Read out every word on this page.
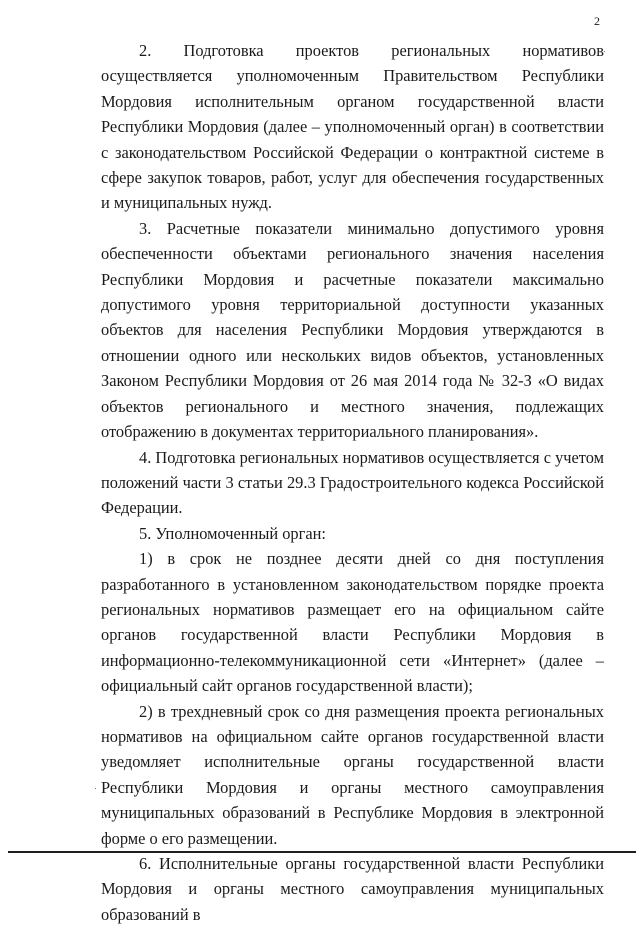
2

2. Подготовка проектов региональных нормативов осуществляется уполномоченным Правительством Республики Мордовия исполнительным органом государственной власти Республики Мордовия (далее – уполномоченный орган) в соответствии с законодательством Российской Федерации о контрактной системе в сфере закупок товаров, работ, услуг для обеспечения государственных и муниципальных нужд.

3. Расчетные показатели минимально допустимого уровня обеспеченности объектами регионального значения населения Республики Мордовия и расчетные показатели максимально допустимого уровня территориальной доступности указанных объектов для населения Республики Мордовия утверждаются в отношении одного или нескольких видов объектов, установленных Законом Республики Мордовия от 26 мая 2014 года № 32-З «О видах объектов регионального и местного значения, подлежащих отображению в документах территориального планирования».

4. Подготовка региональных нормативов осуществляется с учетом положений части 3 статьи 29.3 Градостроительного кодекса Российской Федерации.

5. Уполномоченный орган:

1) в срок не позднее десяти дней со дня поступления разработанного в установленном законодательством порядке проекта региональных нормативов размещает его на официальном сайте органов государственной власти Республики Мордовия в информационно-телекоммуникационной сети «Интернет» (далее – официальный сайт органов государственной власти);

2) в трехдневный срок со дня размещения проекта региональных нормативов на официальном сайте органов государственной власти уведомляет исполнительные органы государственной власти Республики Мордовия и органы местного самоуправления муниципальных образований в Республике Мордовия в электронной форме о его размещении.

6. Исполнительные органы государственной власти Республики Мордовия и органы местного самоуправления муниципальных образований в
